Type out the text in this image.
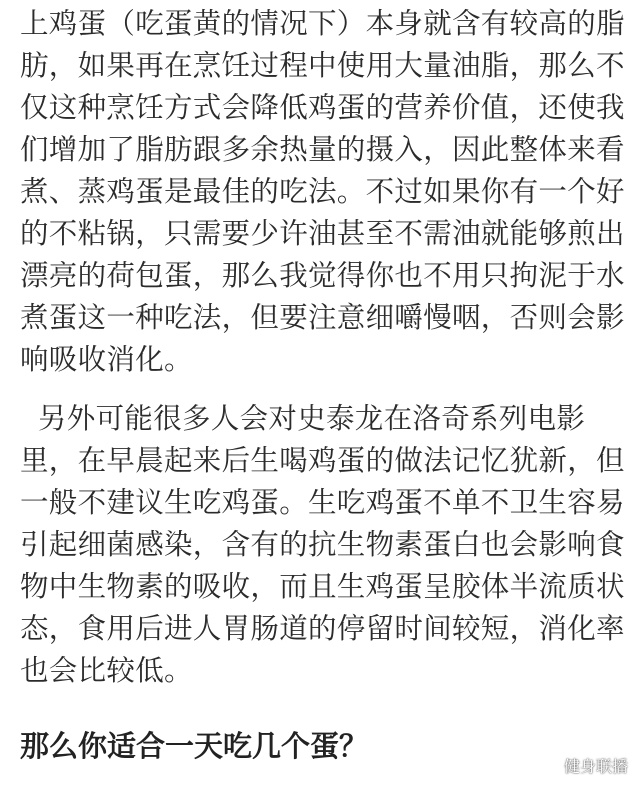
上鸡蛋（吃蛋黄的情况下）本身就含有较高的脂
肪，如果再在烹饪过程中使用大量油脂，那么不
仅这种烹饪方式会降低鸡蛋的营养价值，还使我
们增加了脂肪跟多余热量的摄入，因此整体来看
煮、蒸鸡蛋是最佳的吃法。不过如果你有一个好
的不粘锅，只需要少许油甚至不需油就能够煎出
漂亮的荷包蛋，那么我觉得你也不用只拘泥于水
煮蛋这一种吃法，但要注意细嚼慢咽，否则会影
响吸收消化。
另外可能很多人会对史泰龙在洛奇系列电影
里，在早晨起来后生喝鸡蛋的做法记忆犹新，但
一般不建议生吃鸡蛋。生吃鸡蛋不单不卫生容易
引起细菌感染，含有的抗生物素蛋白也会影响食
物中生物素的吸收，而且生鸡蛋呈胶体半流质状
态，食用后进人胃肠道的停留时间较短，消化率
也会比较低。
那么你适合一天吃几个蛋？
健身联播
